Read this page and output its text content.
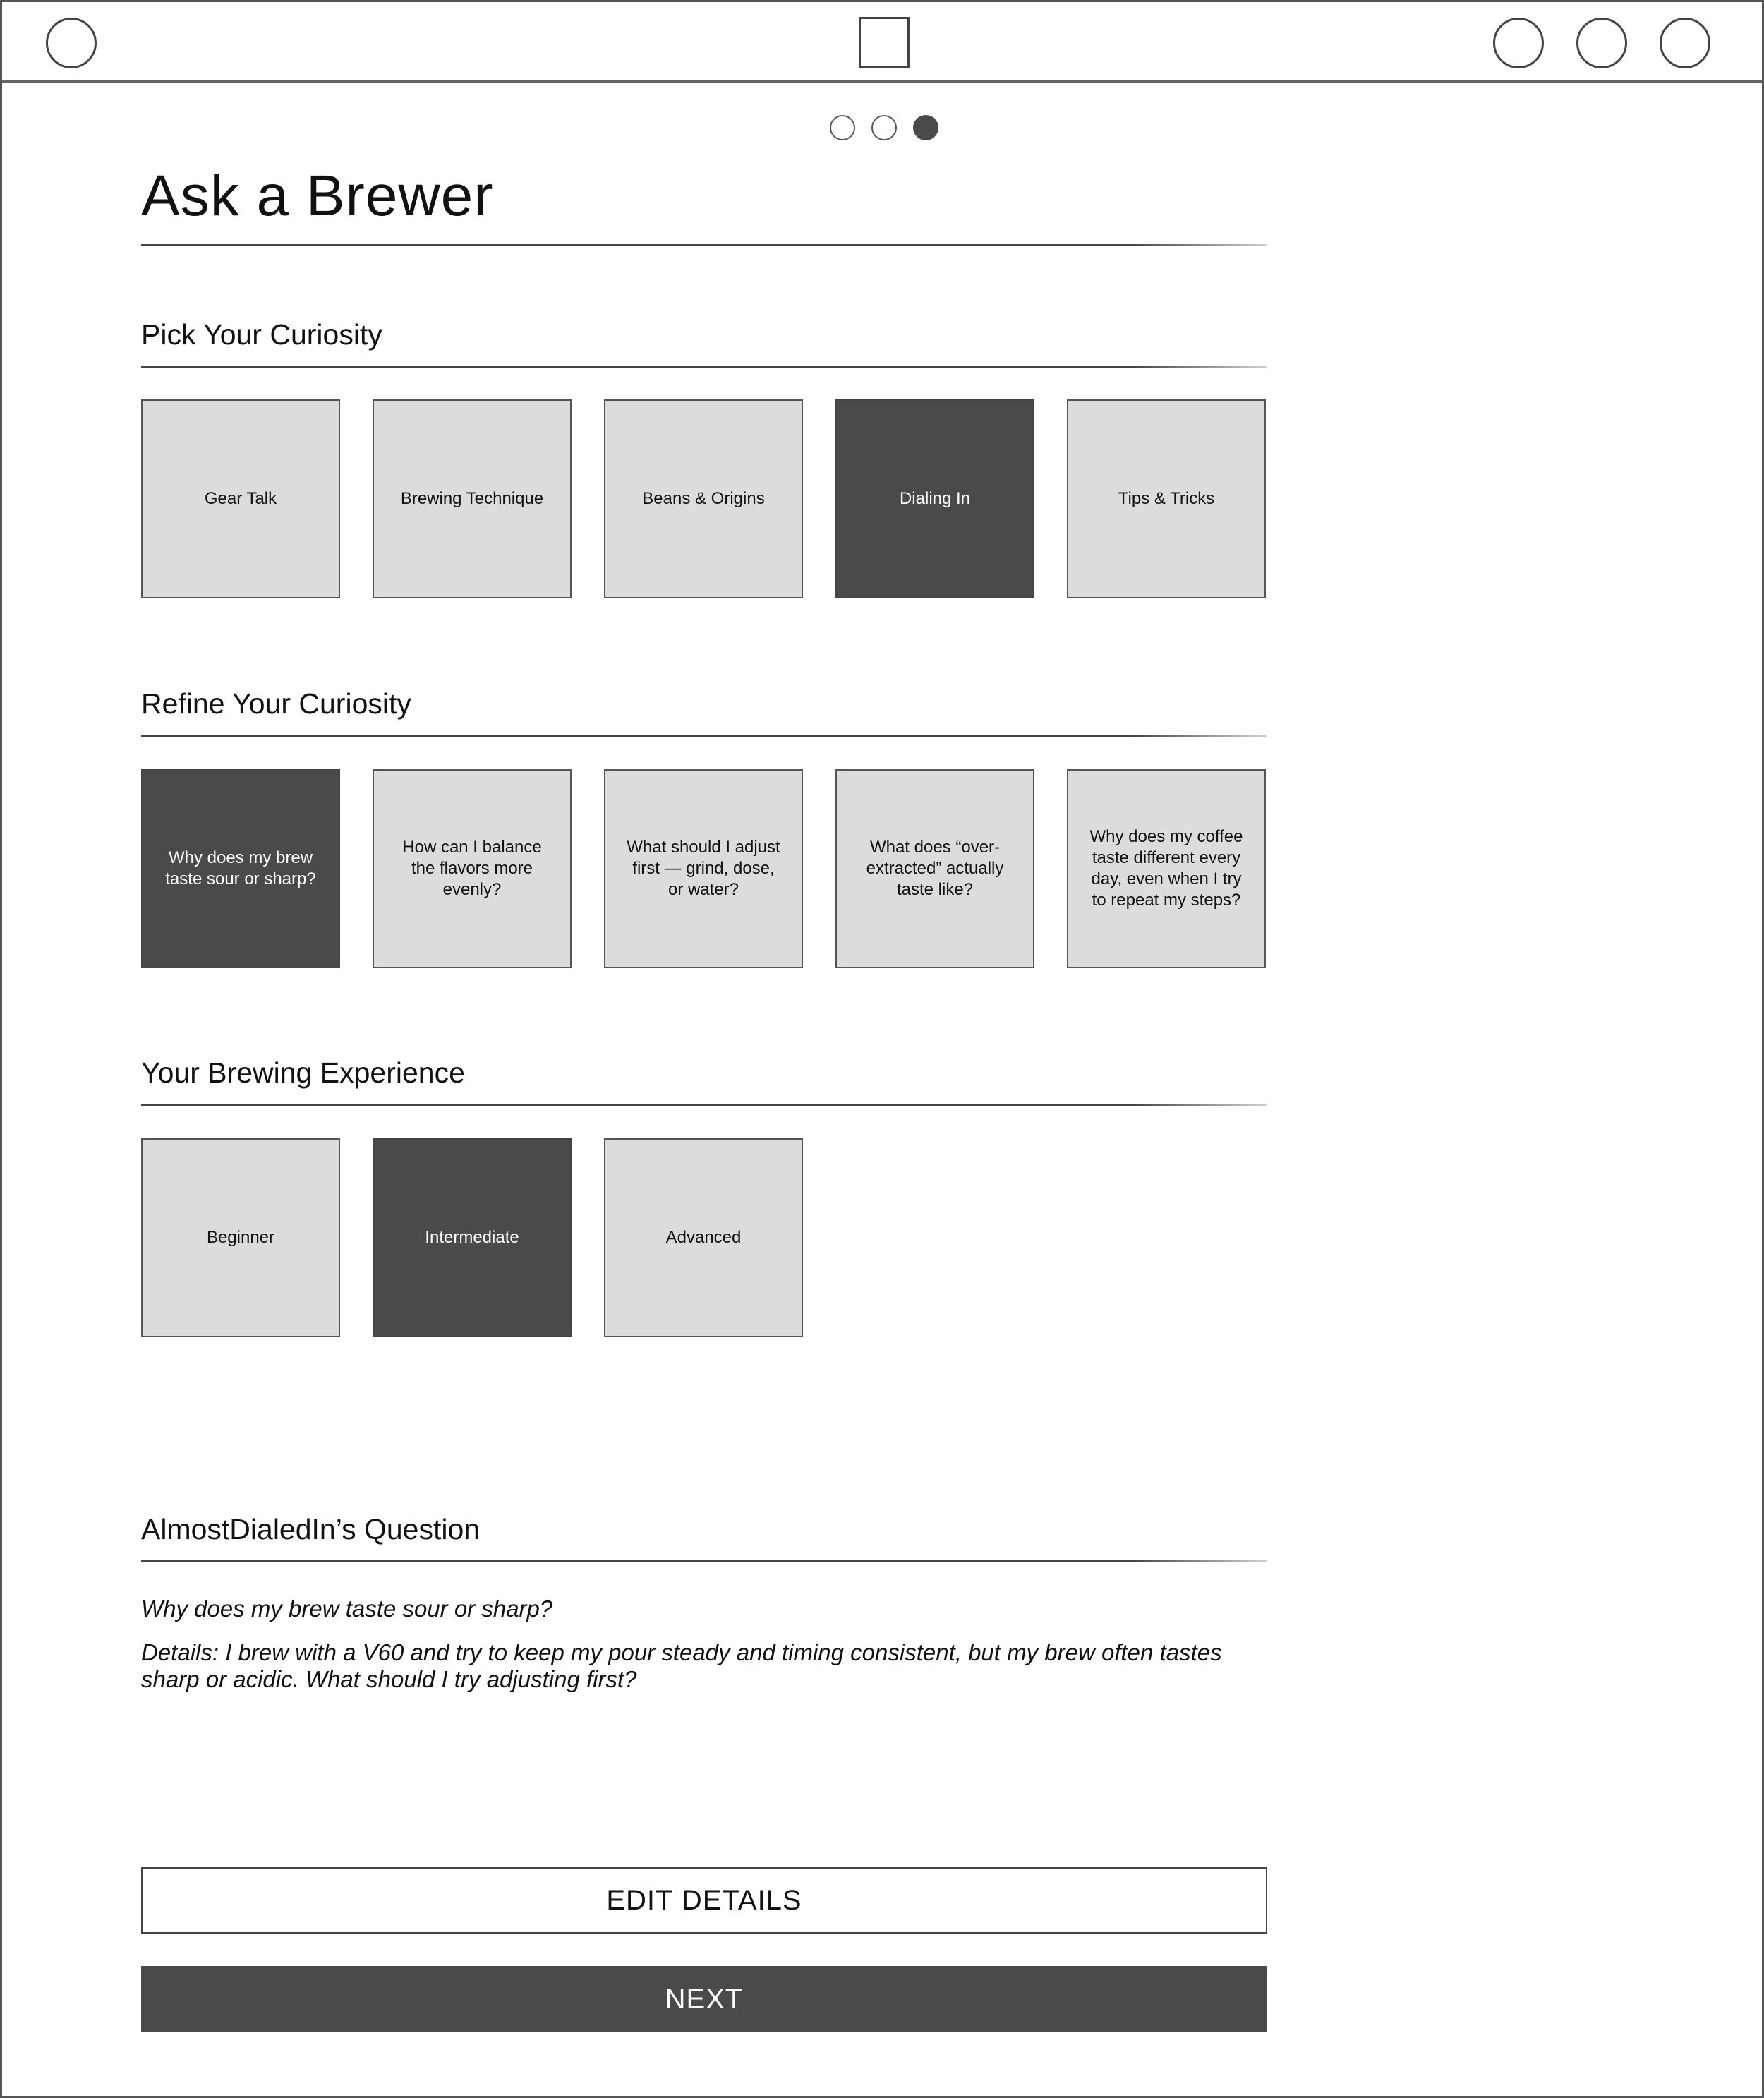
Ask a Brewer
Pick Your Curiosity
Gear Talk	Brewing Technique	Beans & Origins	Dialing In	Tips & Tricks
Refine Your Curiosity
Why does my brew taste sour or sharp?
How can I balance the flavors more evenly?
What should I adjust first — grind, dose, or water?
What does “over-extracted” actually taste like?
Why does my coffee taste different every day, even when I try to repeat my steps?
Your Brewing Experience
Beginner	Intermediate	Advanced
AlmostDialedIn’s Question
Why does my brew taste sour or sharp?
Details: I brew with a V60 and try to keep my pour steady and timing consistent, but my brew often tastes sharp or acidic. What should I try adjusting first?
EDIT DETAILS
NEXT
